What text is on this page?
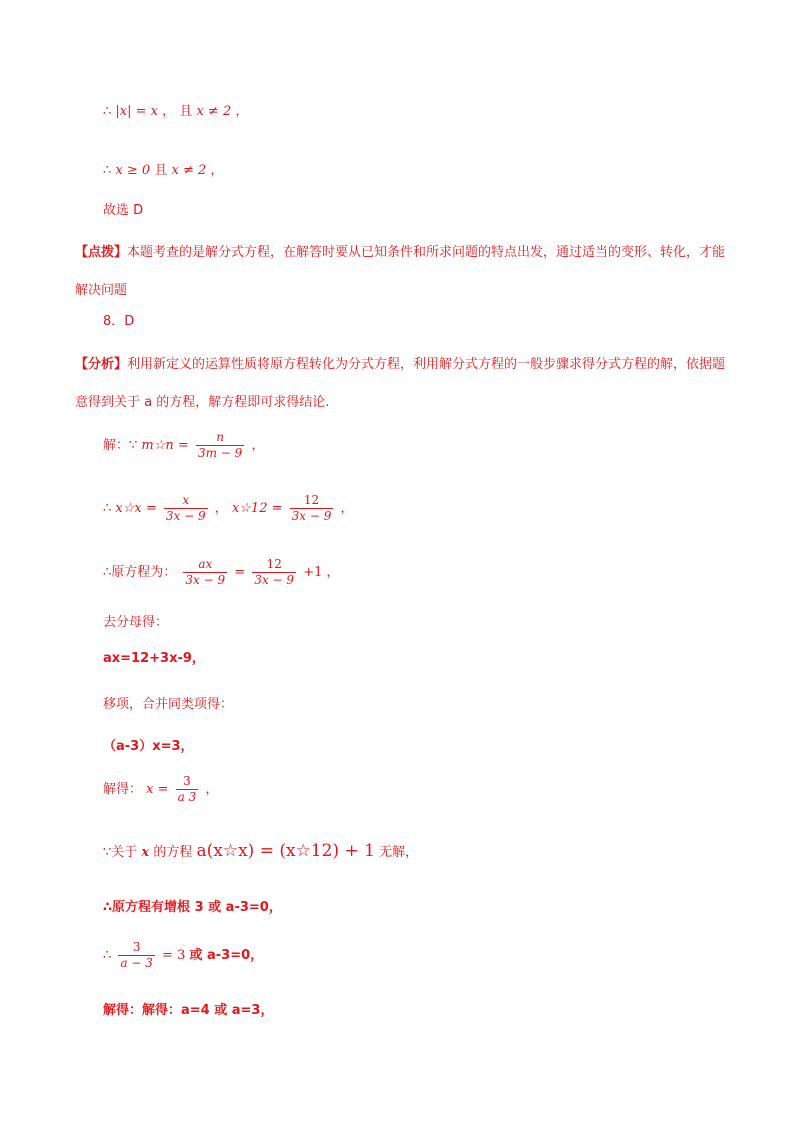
∴ |x| = x ， 且 x ≠ 2 ，
∴ x ≥ 0 且 x ≠ 2 ，
故选 D
【点拨】本题考查的是解分式方程，在解答时要从已知条件和所求问题的特点出发，通过适当的变形、转化，才能解决问题
8．D
【分析】利用新定义的运算性质将原方程转化为分式方程，利用解分式方程的一般步骤求得分式方程的解，依据题意得到关于 a 的方程，解方程即可求得结论.
解：∵ m☆n = $\frac{n}{3m - 9}$ ，
∴ x☆x = $\frac{x}{3x - 9}$ ， x☆12 = $\frac{12}{3x - 9}$ ，
∴原方程为： $\frac{ax}{3x - 9} = \frac{12}{3x - 9} +1$ ，
去分母得：
ax=12+3x-9，
移项，合并同类项得：
（a-3）x=3，
解得： $x = \frac{3}{a 3}$ ，
∵关于 x 的方程 a(x☆x) = (x☆12) + 1 无解，
∴原方程有增根 3 或 a-3=0，
∴ $\frac{3}{a - 3} = 3$ 或 a-3=0，
解得：解得：a=4 或 a=3，
